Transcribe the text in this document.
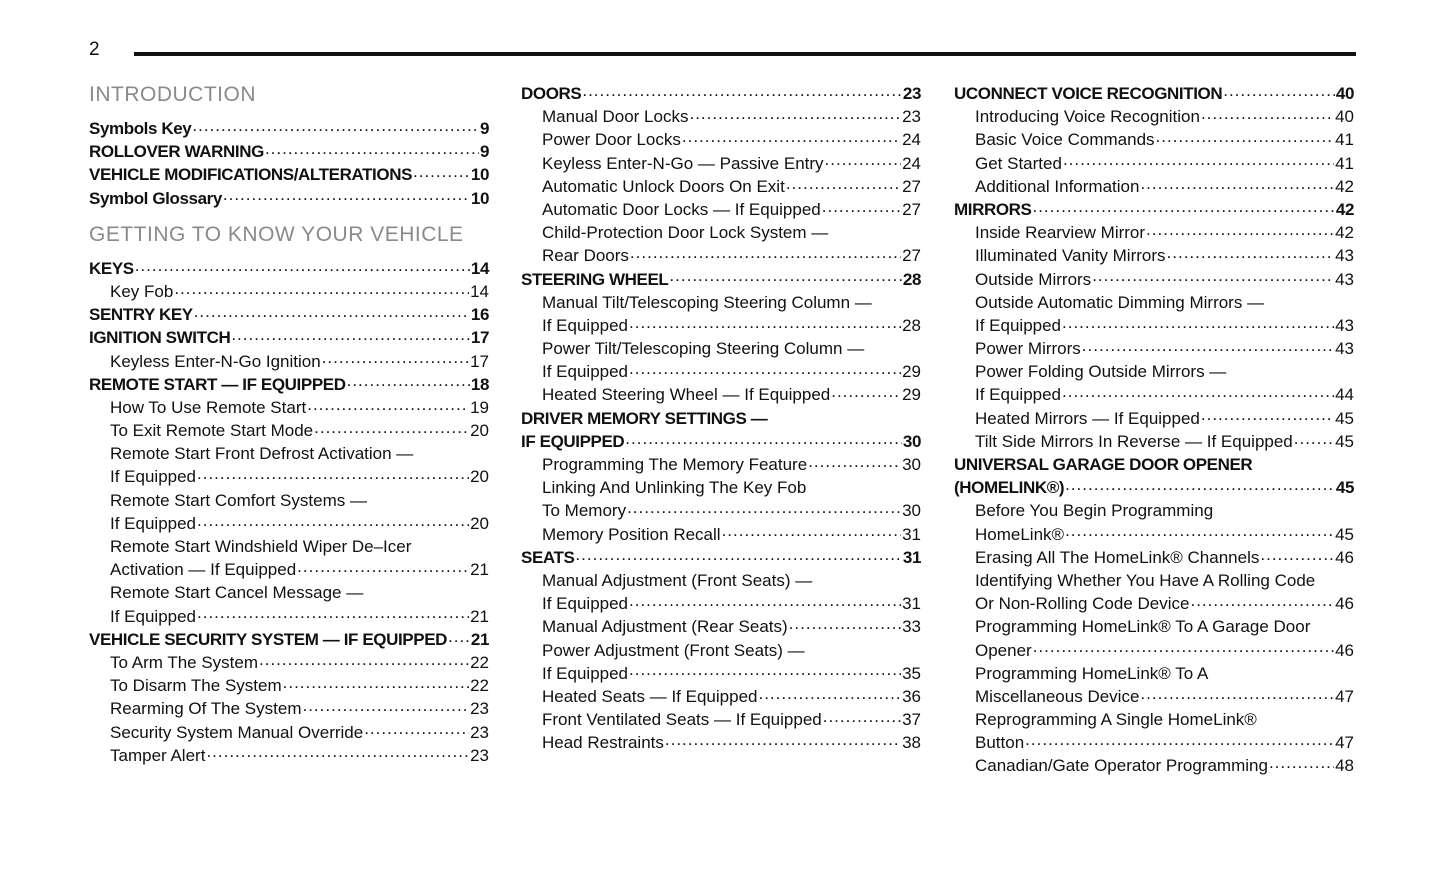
2
INTRODUCTION
Symbols Key .....	9
ROLLOVER WARNING .....	9
VEHICLE MODIFICATIONS/ALTERATIONS .....	10
Symbol Glossary .....	10
GETTING TO KNOW YOUR VEHICLE
KEYS .....	14
Key Fob .....	14
SENTRY KEY .....	16
IGNITION SWITCH .....	17
Keyless Enter-N-Go Ignition .....	17
REMOTE START — IF EQUIPPED .....	18
How To Use Remote Start .....	19
To Exit Remote Start Mode .....	20
Remote Start Front Defrost Activation —
If Equipped .....	20
Remote Start Comfort Systems —
If Equipped .....	20
Remote Start Windshield Wiper De–Icer
Activation — If Equipped .....	21
Remote Start Cancel Message —
If Equipped .....	21
VEHICLE SECURITY SYSTEM — IF EQUIPPED ..... 21
To Arm The System .....	22
To Disarm The System .....	22
Rearming Of The System .....	23
Security System Manual Override .....	23
Tamper Alert .....	23
DOORS .....	23
Manual Door Locks .....	23
Power Door Locks .....	24
Keyless Enter-N-Go — Passive Entry .....	24
Automatic Unlock Doors On Exit .....	27
Automatic Door Locks — If Equipped .....	27
Child-Protection Door Lock System —
Rear Doors .....	27
STEERING WHEEL .....	28
Manual Tilt/Telescoping Steering Column —
If Equipped .....	28
Power Tilt/Telescoping Steering Column —
If Equipped .....	29
Heated Steering Wheel — If Equipped .....	29
DRIVER MEMORY SETTINGS —
IF EQUIPPED .....	30
Programming The Memory Feature .....	30
Linking And Unlinking The Key Fob
To Memory .....	30
Memory Position Recall .....	31
SEATS .....	31
Manual Adjustment (Front Seats) —
If Equipped .....	31
Manual Adjustment (Rear Seats) .....	33
Power Adjustment (Front Seats) —
If Equipped .....	35
Heated Seats — If Equipped .....	36
Front Ventilated Seats — If Equipped .....	37
Head Restraints .....	38
UCONNECT VOICE RECOGNITION .....	40
Introducing Voice Recognition .....	40
Basic Voice Commands .....	41
Get Started .....	41
Additional Information .....	42
MIRRORS .....	42
Inside Rearview Mirror .....	42
Illuminated Vanity Mirrors .....	43
Outside Mirrors .....	43
Outside Automatic Dimming Mirrors —
If Equipped .....	43
Power Mirrors .....	43
Power Folding Outside Mirrors —
If Equipped .....	44
Heated Mirrors — If Equipped .....	45
Tilt Side Mirrors In Reverse — If Equipped ..... 45
UNIVERSAL GARAGE DOOR OPENER
(HOMELINK®) .....	45
Before You Begin Programming
HomeLink® .....	45
Erasing All The HomeLink® Channels .....	46
Identifying Whether You Have A Rolling Code
Or Non-Rolling Code Device .....	46
Programming HomeLink® To A Garage Door
Opener .....	46
Programming HomeLink® To A
Miscellaneous Device .....	47
Reprogramming A Single HomeLink®
Button .....	47
Canadian/Gate Operator Programming .....	48
